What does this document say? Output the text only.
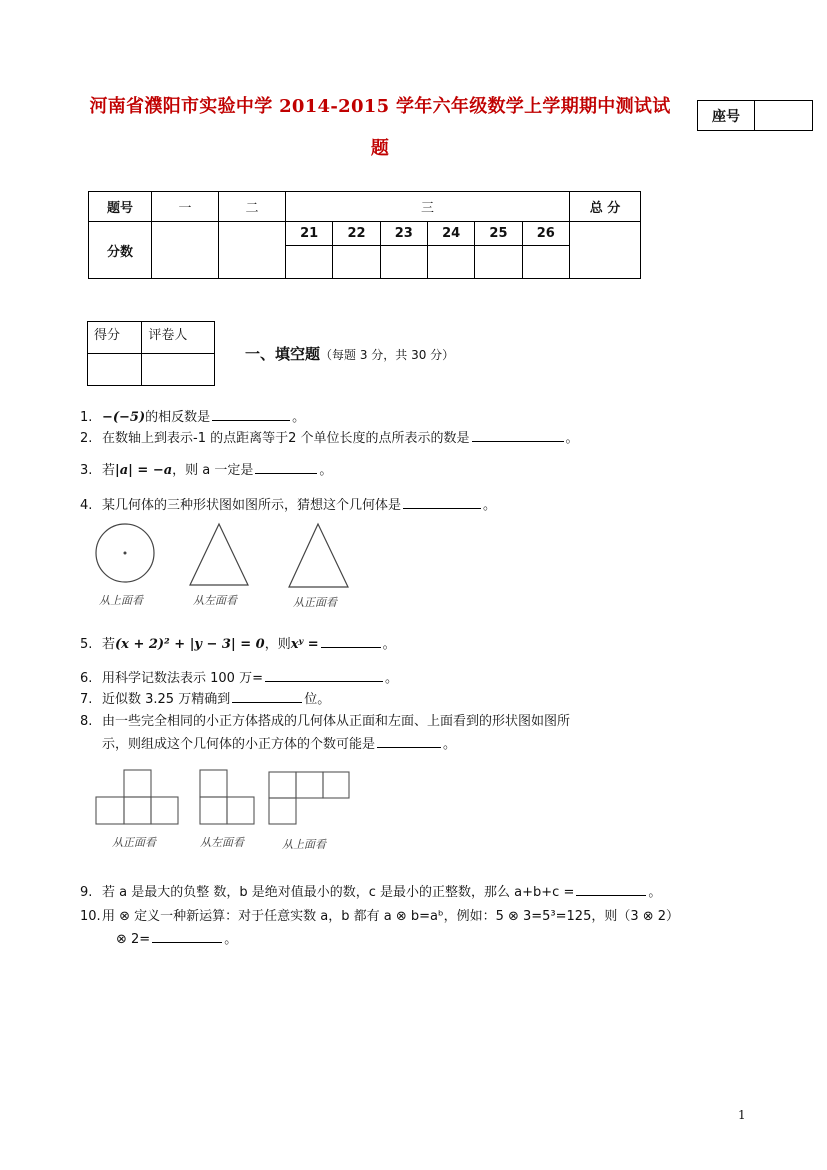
河南省濮阳市实验中学 2014-2015 学年六年级数学上学期期中测试试
题
座号
题号	一	二	三						总 分
分数			21	22	23	24	25	26	

得分	评卷人

一、填空题（每题 3 分，共 30 分）
1. −(−5)的相反数是	。
2. 在数轴上到表示-1 的点距离等于2 个单位长度的点所表示的数是	。
3. 若|a| = −a，则 a 一定是	。
4. 某几何体的三种形状图如图所示，猜想这个几何体是	。
从上面看	从左面看	从正面看
5. 若(x + 2)² + |y − 3| = 0，则xʸ =	。
6. 用科学记数法表示 100 万=	。
7. 近似数 3.25 万精确到	位。
8. 由一些完全相同的小正方体搭成的几何体从正面和左面、上面看到的形状图如图所
示，则组成这个几何体的小正方体的个数可能是	。
从正面看	从左面看	从上面看
9. 若 a 是最大的负整 数，b 是绝对值最小的数，c 是最小的正整数，那么 a+b+c =	。
10.用 ⊗ 定义一种新运算：对于任意实数 a，b 都有 a ⊗ b=aᵇ，例如：5 ⊗ 3=5³=125，则（3 ⊗ 2）
⊗ 2=	。
1
